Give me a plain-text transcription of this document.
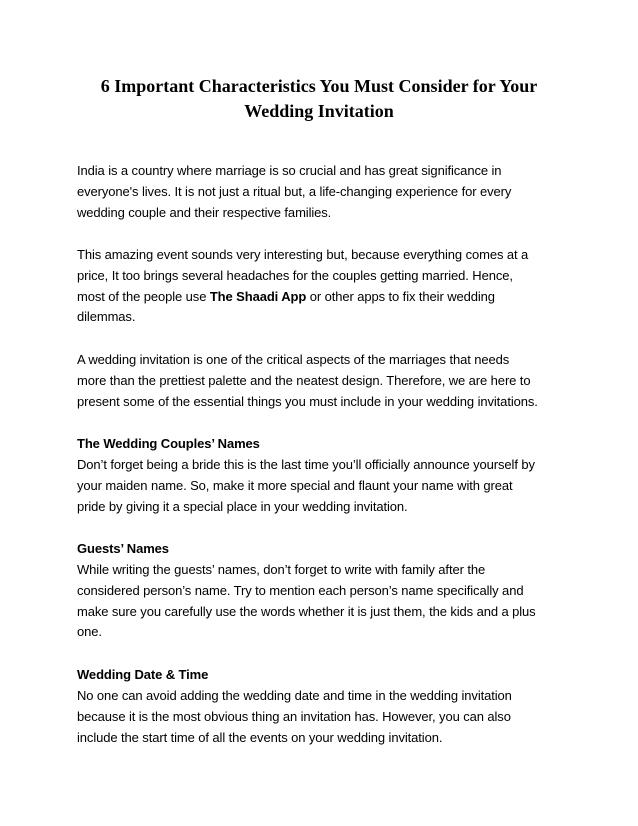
6 Important Characteristics You Must Consider for Your
Wedding Invitation
India is a country where marriage is so crucial and has great significance in
everyone's lives. It is not just a ritual but, a life-changing experience for every
wedding couple and their respective families.
This amazing event sounds very interesting but, because everything comes at a
price, It too brings several headaches for the couples getting married. Hence,
most of the people use The Shaadi App or other apps to fix their wedding
dilemmas.
A wedding invitation is one of the critical aspects of the marriages that needs
more than the prettiest palette and the neatest design. Therefore, we are here to
present some of the essential things you must include in your wedding invitations.
The Wedding Couples’ Names
Don’t forget being a bride this is the last time you’ll officially announce yourself by
your maiden name. So, make it more special and flaunt your name with great
pride by giving it a special place in your wedding invitation.
Guests’ Names
While writing the guests’ names, don’t forget to write with family after the
considered person’s name. Try to mention each person’s name specifically and
make sure you carefully use the words whether it is just them, the kids and a plus
one.
Wedding Date & Time
No one can avoid adding the wedding date and time in the wedding invitation
because it is the most obvious thing an invitation has. However, you can also
include the start time of all the events on your wedding invitation.
